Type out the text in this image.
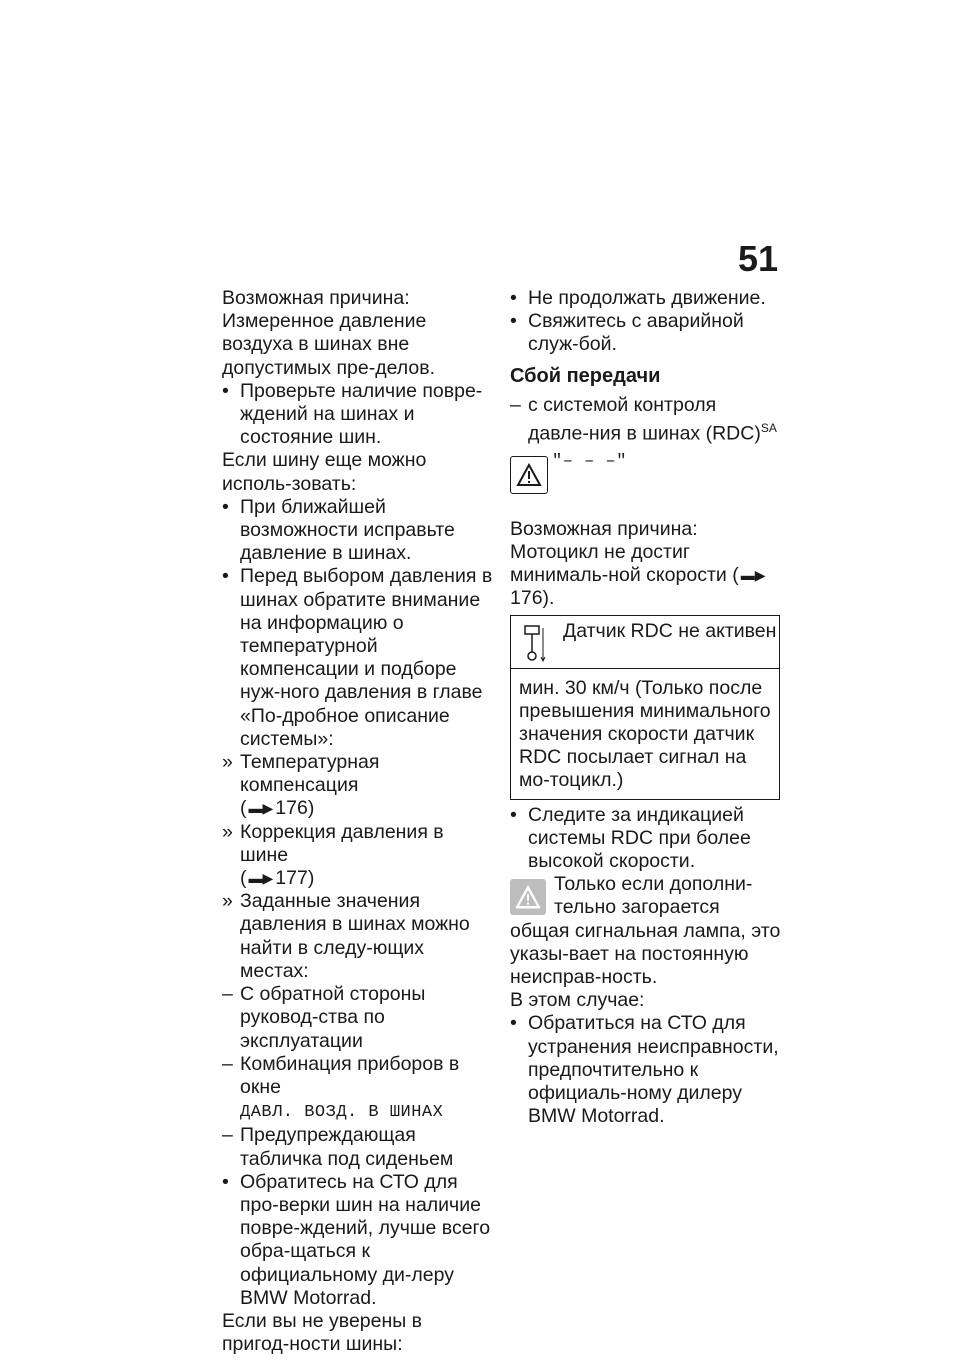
51

Возможная причина:

Измеренное давление воздуха в шинах вне допустимых пре-делов.

• Проверьте наличие повре-ждений на шинах и состояние шин.

Если шину еще можно исполь-зовать:

• При ближайшей возможности исправьте давление в шинах.

• Перед выбором давления в шинах обратите внимание на информацию о температурной компенсации и подборе нуж-ного давления в главе «По-дробное описание системы»:

» Температурная компенсация
( ▬▶ 176)

» Коррекция давления в шине
( ▬▶ 177)

» Заданные значения давления в шинах можно найти в следу-ющих местах:

– С обратной стороны руковод-ства по эксплуатации

– Комбинация приборов в окне
ДАВЛ. ВОЗД. В ШИНАХ

– Предупреждающая табличка под сиденьем

• Обратитесь на СТО для про-верки шин на наличие повре-ждений, лучше всего обра-щаться к официальному ди-леру BMW Motorrad.

Если вы не уверены в пригод-ности шины:

• Не продолжать движение.

• Свяжитесь с аварийной служ-бой.

Сбой передачи

– с системой контроля давле-ния в шинах (RDC)$^{SA}$

"– – –"

Возможная причина:

Мотоцикл не достиг минималь-ной скорости ( ▬▶176).

Датчик RDC не активен
мин. 30 км/ч (Только после превышения минимального значения скорости датчик RDC посылает сигнал на мо-тоцикл.)

• Следите за индикацией системы RDC при более высокой скорости.

Только если дополни-тельно загорается общая сигнальная лампа, это указы-вает на постоянную неисправ-ность.

В этом случае:

• Обратиться на СТО для устранения неисправности, предпочтительно к официаль-ному дилеру BMW Motorrad.
